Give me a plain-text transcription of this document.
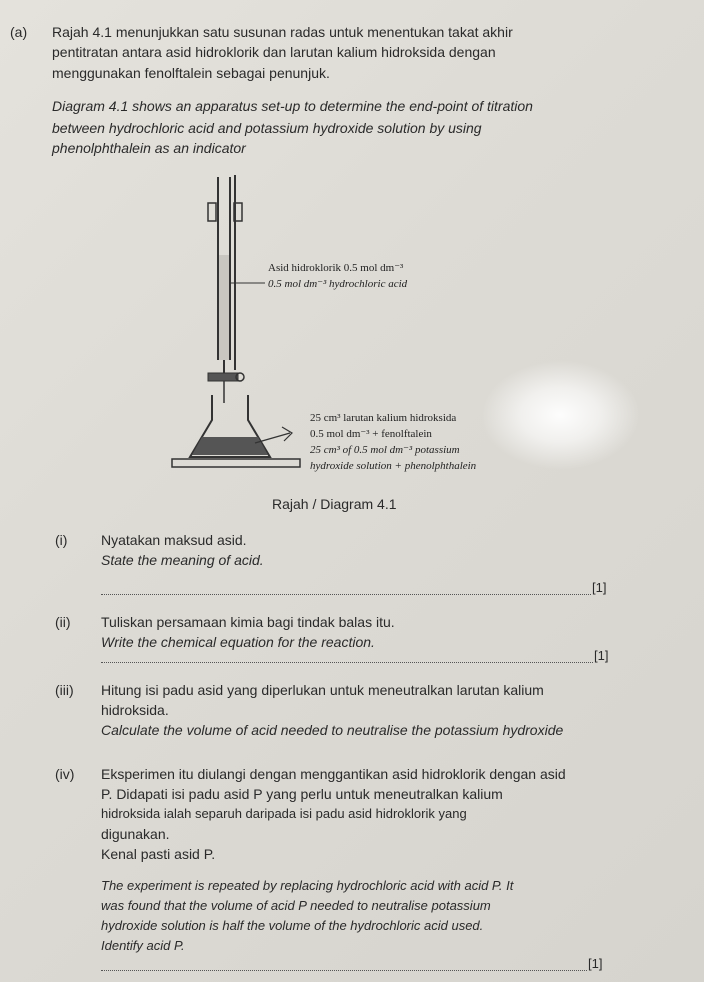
(a) Rajah 4.1 menunjukkan satu susunan radas untuk menentukan takat akhir
pentitratan antara asid hidroklorik dan larutan kalium hidroksida dengan
menggunakan fenolftalein sebagai penunjuk.
Diagram 4.1 shows an apparatus set-up to determine the end-point of titration
between hydrochloric acid and potassium hydroxide solution by using
phenolphthalein as an indicator
Asid hidroklorik 0.5 mol dm⁻³
0.5 mol dm⁻³ hydrochloric acid
25 cm³ larutan kalium hidroksida
0.5 mol dm⁻³ + fenolftalein
25 cm³ of 0.5 mol dm⁻³ potassium
hydroxide solution + phenolphthalein
Rajah / Diagram 4.1
(i) Nyatakan maksud asid.
State the meaning of acid.
[1]
(ii) Tuliskan persamaan kimia bagi tindak balas itu.
Write the chemical equation for the reaction.
[1]
(iii) Hitung isi padu asid yang diperlukan untuk meneutralkan larutan kalium
hidroksida.
Calculate the volume of acid needed to neutralise the potassium hydroxide
(iv) Eksperimen itu diulangi dengan menggantikan asid hidroklorik dengan asid
P. Didapati isi padu asid P yang perlu untuk meneutralkan kalium
hidroksida ialah separuh daripada isi padu asid hidroklorik yang
digunakan.
Kenal pasti asid P.
The experiment is repeated by replacing hydrochloric acid with acid P. It
was found that the volume of acid P needed to neutralise potassium
hydroxide solution is half the volume of the hydrochloric acid used.
Identify acid P.
[1]
